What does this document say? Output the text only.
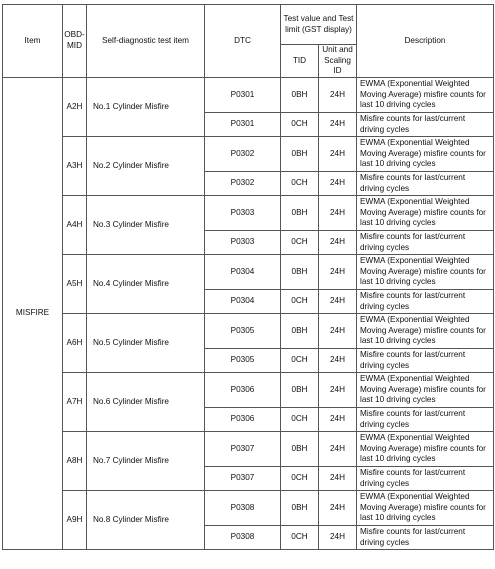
Item	OBD-MID	Self-diagnostic test item	DTC	Test value and Test limit (GST display)		Description
				TID	Unit and Scaling ID	
MISFIRE	A2H	No.1 Cylinder Misfire	P0301	0BH	24H	EWMA (Exponential Weighted Moving Average) misfire counts for last 10 driving cycles
			P0301	0CH	24H	Misfire counts for last/current driving cycles
	A3H	No.2 Cylinder Misfire	P0302	0BH	24H	EWMA (Exponential Weighted Moving Average) misfire counts for last 10 driving cycles
			P0302	0CH	24H	Misfire counts for last/current driving cycles
	A4H	No.3 Cylinder Misfire	P0303	0BH	24H	EWMA (Exponential Weighted Moving Average) misfire counts for last 10 driving cycles
			P0303	0CH	24H	Misfire counts for last/current driving cycles
	A5H	No.4 Cylinder Misfire	P0304	0BH	24H	EWMA (Exponential Weighted Moving Average) misfire counts for last 10 driving cycles
			P0304	0CH	24H	Misfire counts for last/current driving cycles
	A6H	No.5 Cylinder Misfire	P0305	0BH	24H	EWMA (Exponential Weighted Moving Average) misfire counts for last 10 driving cycles
			P0305	0CH	24H	Misfire counts for last/current driving cycles
	A7H	No.6 Cylinder Misfire	P0306	0BH	24H	EWMA (Exponential Weighted Moving Average) misfire counts for last 10 driving cycles
			P0306	0CH	24H	Misfire counts for last/current driving cycles
	A8H	No.7 Cylinder Misfire	P0307	0BH	24H	EWMA (Exponential Weighted Moving Average) misfire counts for last 10 driving cycles
			P0307	0CH	24H	Misfire counts for last/current driving cycles
	A9H	No.8 Cylinder Misfire	P0308	0BH	24H	EWMA (Exponential Weighted Moving Average) misfire counts for last 10 driving cycles
			P0308	0CH	24H	Misfire counts for last/current driving cycles
